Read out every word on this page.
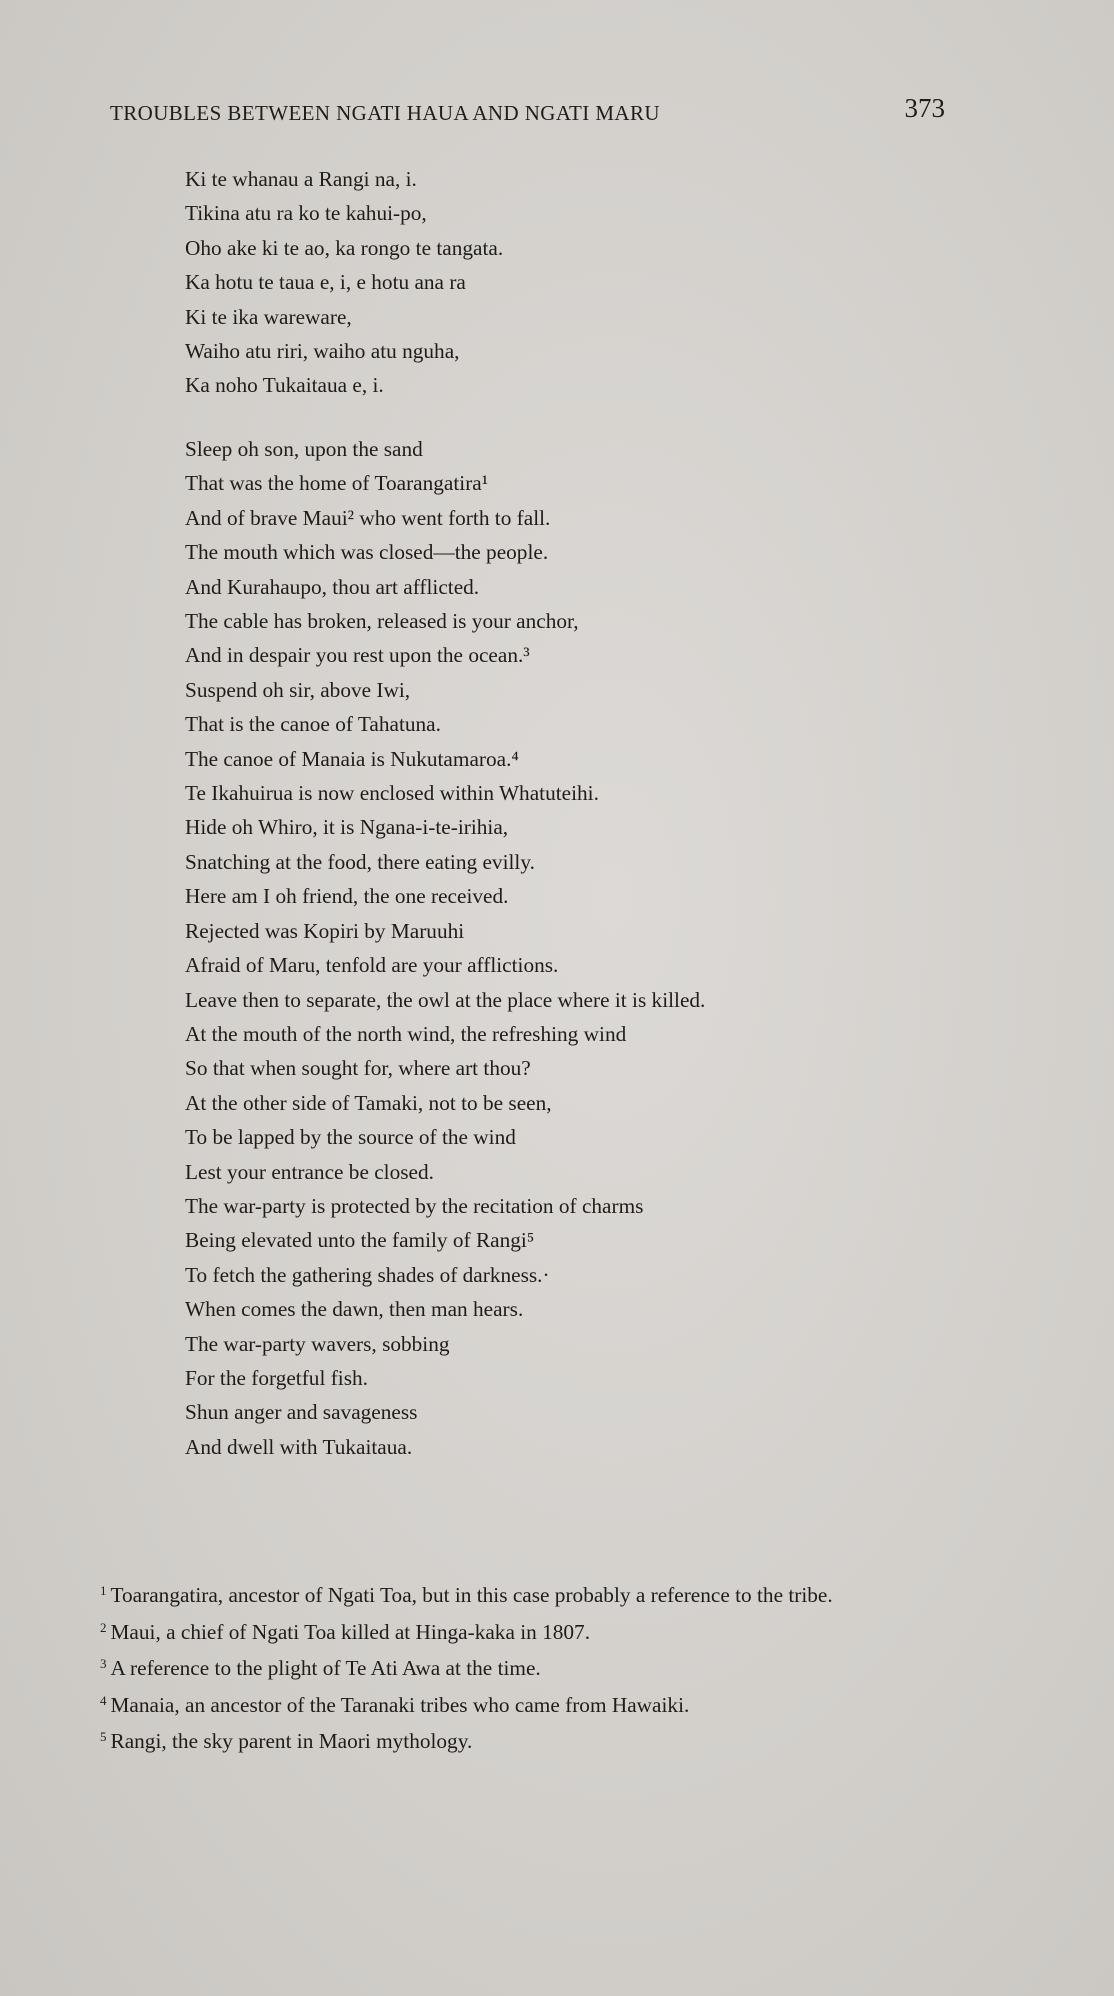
TROUBLES BETWEEN NGATI HAUA AND NGATI MARU	373
Ki te whanau a Rangi na, i.
Tikina atu ra ko te kahui-po,
Oho ake ki te ao, ka rongo te tangata.
Ka hotu te taua e, i, e hotu ana ra
Ki te ika wareware,
Waiho atu riri, waiho atu nguha,
Ka noho Tukaitaua e, i.
Sleep oh son, upon the sand
That was the home of Toarangatira¹
And of brave Maui² who went forth to fall.
The mouth which was closed—the people.
And Kurahaupo, thou art afflicted.
The cable has broken, released is your anchor,
And in despair you rest upon the ocean.³
Suspend oh sir, above Iwi,
That is the canoe of Tahatuna.
The canoe of Manaia is Nukutamaroa.⁴
Te Ikahuirua is now enclosed within Whatuteihi.
Hide oh Whiro, it is Ngana-i-te-irihia,
Snatching at the food, there eating evilly.
Here am I oh friend, the one received.
Rejected was Kopiri by Maruuhi
Afraid of Maru, tenfold are your afflictions.
Leave then to separate, the owl at the place where it is killed.
At the mouth of the north wind, the refreshing wind
So that when sought for, where art thou?
At the other side of Tamaki, not to be seen,
To be lapped by the source of the wind
Lest your entrance be closed.
The war-party is protected by the recitation of charms
Being elevated unto the family of Rangi⁵
To fetch the gathering shades of darkness.·
When comes the dawn, then man hears.
The war-party wavers, sobbing
For the forgetful fish.
Shun anger and savageness
And dwell with Tukaitaua.
$^1$ Toarangatira, ancestor of Ngati Toa, but in this case probably a reference to the tribe.
$^2$ Maui, a chief of Ngati Toa killed at Hinga-kaka in 1807.
$^3$ A reference to the plight of Te Ati Awa at the time.
$^4$ Manaia, an ancestor of the Taranaki tribes who came from Hawaiki.
$^5$ Rangi, the sky parent in Maori mythology.
